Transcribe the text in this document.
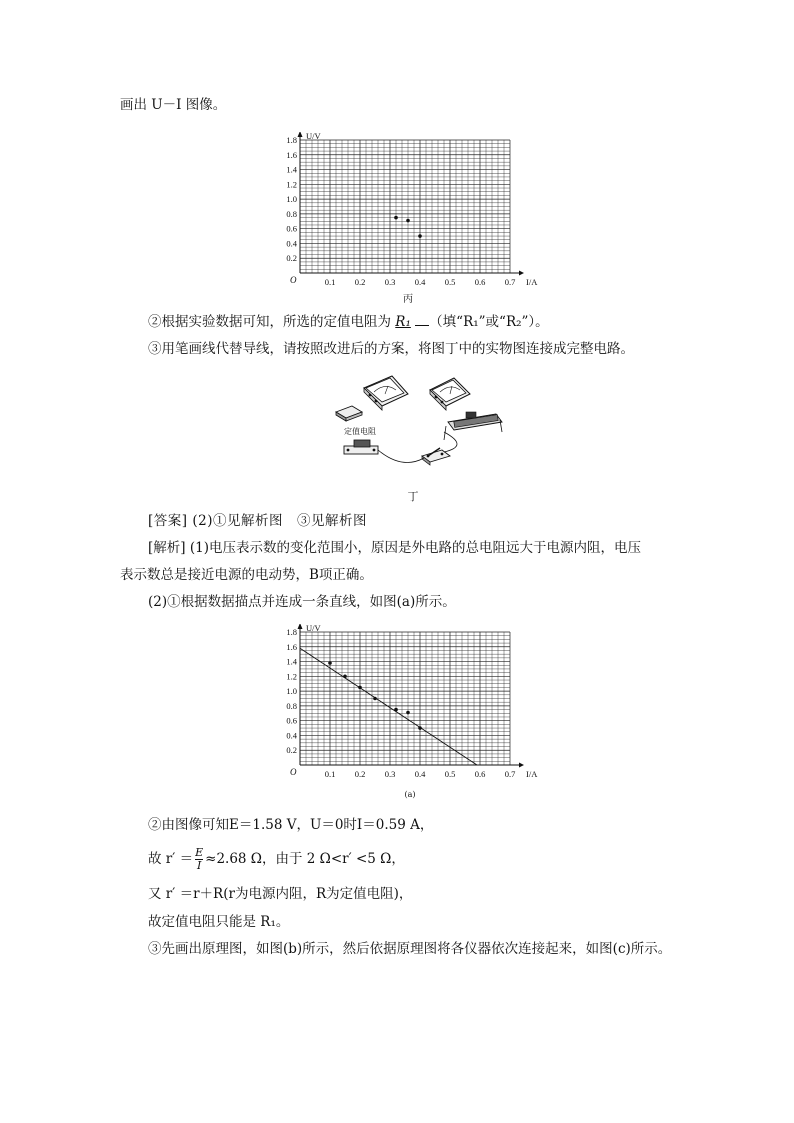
画出 U－I 图像。
0.1 0.2 0.3 0.4 0.5 0.6 0.7
0.2
0.4
0.6
0.8
1.0
1.2
1.4
1.6
1.8
O	I/A
U/V
丙
②根据实验数据可知，所选的定值电阻为 R₁ （填“R₁”或“R₂”）。
③用笔画线代替导线，请按照改进后的方案，将图丁中的实物图连接成完整电路。
定值电阻
丁
[答案] (2)①见解析图　③见解析图
[解析] (1)电压表示数的变化范围小，原因是外电路的总电阻远大于电源内阻，电压
表示数总是接近电源的电动势，B项正确。
(2)①根据数据描点并连成一条直线，如图(a)所示。
0.1 0.2 0.3 0.4 0.5 0.6 0.7
0.2
0.4
0.6
0.8
1.0
1.2
1.4
1.6
1.8
O	I/A
U/V
(a)
②由图像可知E＝1.58 V，U＝0时I＝0.59 A，
故 $r' = \frac{E}{I} \approx 2.68$ Ω，由于 2 Ω<r′ <5 Ω，
又 r′ ＝r＋R(r为电源内阻，R为定值电阻)，
故定值电阻只能是 R₁。
③先画出原理图，如图(b)所示，然后依据原理图将各仪器依次连接起来，如图(c)所示。
